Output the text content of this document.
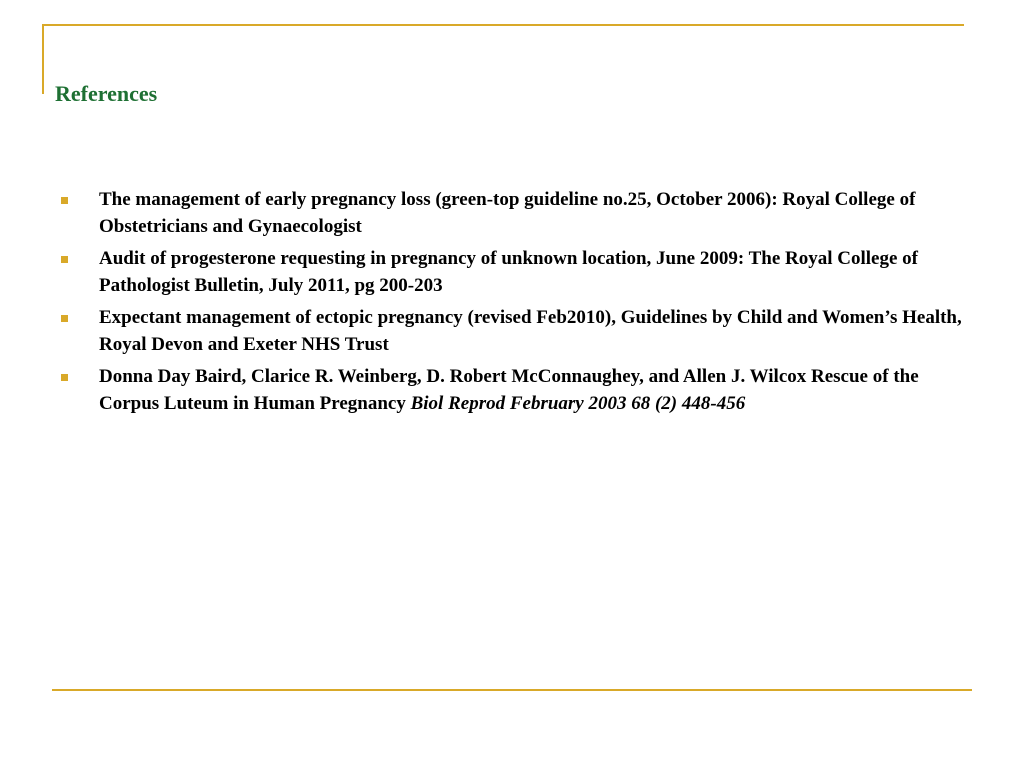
References
The management of early pregnancy loss (green-top guideline no.25, October 2006): Royal College of Obstetricians and Gynaecologist
Audit of progesterone requesting in pregnancy of unknown location, June 2009: The Royal College of Pathologist Bulletin, July 2011, pg 200-203
Expectant management of ectopic pregnancy (revised Feb2010), Guidelines by Child and Women’s Health, Royal Devon and Exeter NHS Trust
Donna Day Baird, Clarice R. Weinberg, D. Robert McConnaughey, and Allen J. Wilcox Rescue of the Corpus Luteum in Human Pregnancy Biol Reprod February 2003 68 (2) 448-456
